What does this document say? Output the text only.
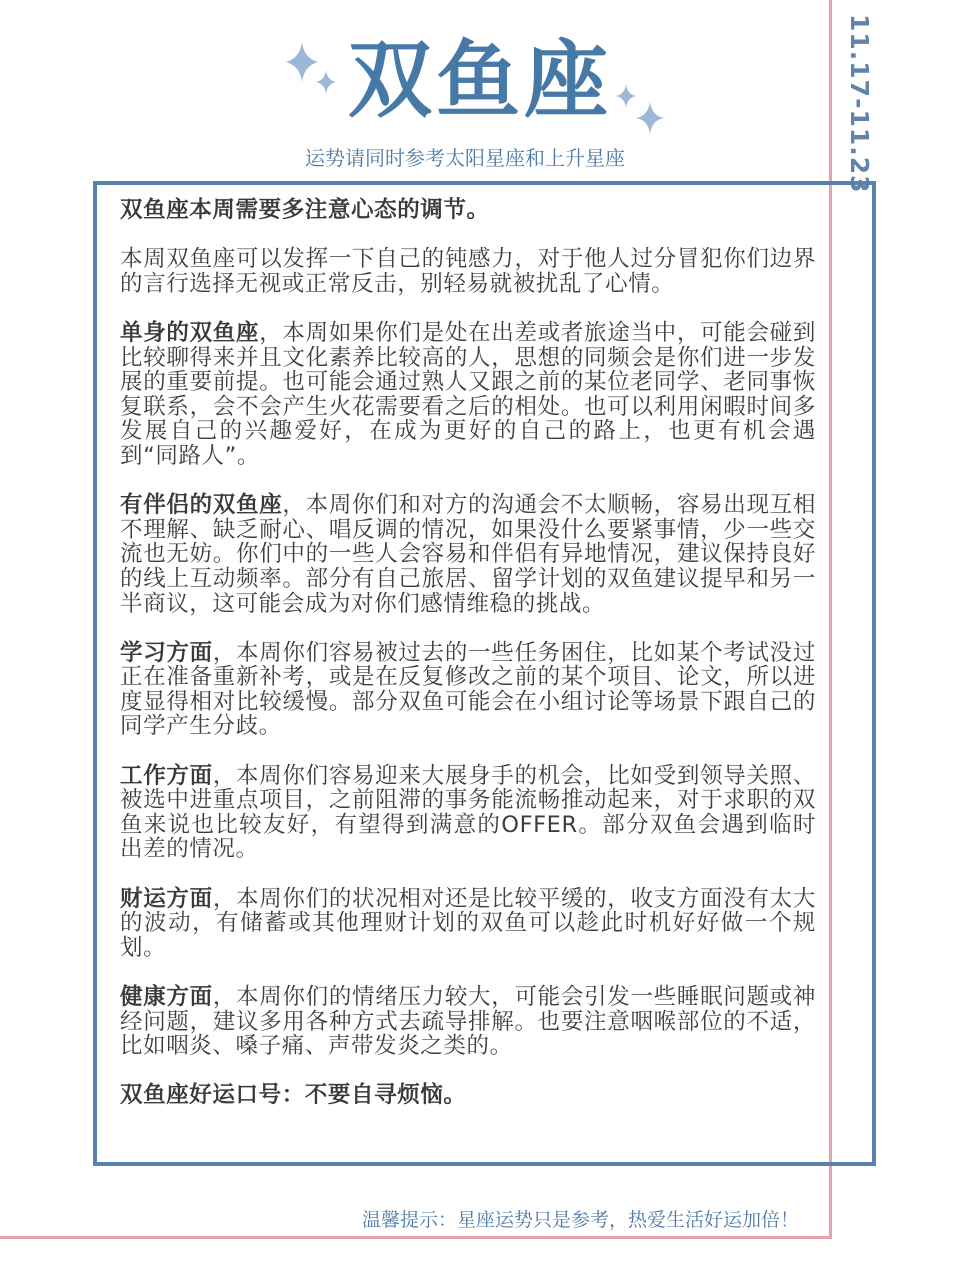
11.17-11.23
双鱼座
运势请同时参考太阳星座和上升星座

双鱼座本周需要多注意心态的调节。

本周双鱼座可以发挥一下自己的钝感力，对于他人过分冒犯你们边界的言行选择无视或正常反击，别轻易就被扰乱了心情。

单身的双鱼座，本周如果你们是处在出差或者旅途当中，可能会碰到比较聊得来并且文化素养比较高的人，思想的同频会是你们进一步发展的重要前提。也可能会通过熟人又跟之前的某位老同学、老同事恢复联系，会不会产生火花需要看之后的相处。也可以利用闲暇时间多发展自己的兴趣爱好，在成为更好的自己的路上，也更有机会遇到“同路人”。

有伴侣的双鱼座，本周你们和对方的沟通会不太顺畅，容易出现互相不理解、缺乏耐心、唱反调的情况，如果没什么要紧事情，少一些交流也无妨。你们中的一些人会容易和伴侣有异地情况，建议保持良好的线上互动频率。部分有自己旅居、留学计划的双鱼建议提早和另一半商议，这可能会成为对你们感情维稳的挑战。

学习方面，本周你们容易被过去的一些任务困住，比如某个考试没过正在准备重新补考，或是在反复修改之前的某个项目、论文，所以进度显得相对比较缓慢。部分双鱼可能会在小组讨论等场景下跟自己的同学产生分歧。

工作方面，本周你们容易迎来大展身手的机会，比如受到领导关照、被选中进重点项目，之前阻滞的事务能流畅推动起来，对于求职的双鱼来说也比较友好，有望得到满意的OFFER。部分双鱼会遇到临时出差的情况。

财运方面，本周你们的状况相对还是比较平缓的，收支方面没有太大的波动，有储蓄或其他理财计划的双鱼可以趁此时机好好做一个规划。

健康方面，本周你们的情绪压力较大，可能会引发一些睡眠问题或神经问题，建议多用各种方式去疏导排解。也要注意咽喉部位的不适，比如咽炎、嗓子痛、声带发炎之类的。

双鱼座好运口号：不要自寻烦恼。

温馨提示：星座运势只是参考，热爱生活好运加倍！
